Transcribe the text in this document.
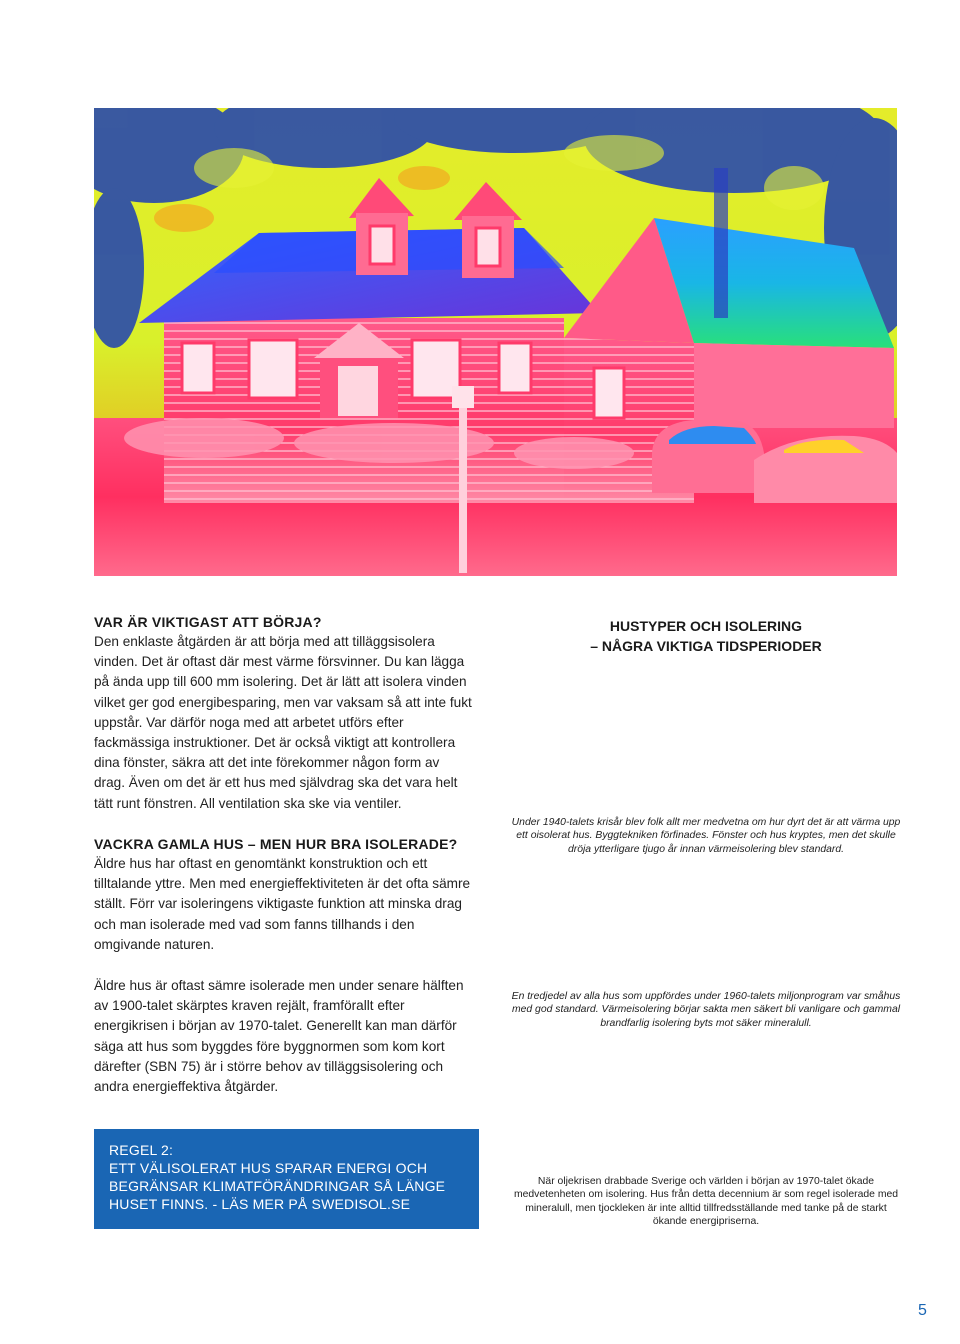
VAR ÄR VIKTIGAST ATT BÖRJA?

Den enklaste åtgärden är att börja med att tilläggsisolera vinden. Det är oftast där mest värme försvinner. Du kan lägga på ända upp till 600 mm isolering. Det är lätt att isolera vinden vilket ger god energibesparing, men var vaksam så att inte fukt uppstår. Var därför noga med att arbetet utförs efter fackmässiga instruktioner. Det är också viktigt att kontrollera dina fönster, säkra att det inte förekommer någon form av drag. Även om det är ett hus med självdrag ska det vara helt tätt runt fönstren. All ventilation ska ske via ventiler.

VACKRA GAMLA HUS – MEN HUR BRA ISOLERADE?

Äldre hus har oftast en genomtänkt konstruktion och ett tilltalande yttre. Men med energieffektiviteten är det ofta sämre ställt. Förr var isoleringens viktigaste funktion att minska drag och man isolerade med vad som fanns tillhands i den omgivande naturen.

Äldre hus är oftast sämre isolerade men under senare hälften av 1900-talet skärptes kraven rejält, framförallt efter energikrisen i början av 1970-talet. Generellt kan man därför säga att hus som byggdes före byggnormen som kom kort därefter (SBN 75) är i större behov av tilläggsisolering och andra energieffektiva åtgärder.

HUSTYPER OCH ISOLERING
– NÅGRA VIKTIGA TIDSPERIODER

Under 1940-talets krisår blev folk allt mer medvetna om hur dyrt det är att värma upp ett oisolerat hus. Byggtekniken förfinades. Fönster och hus kryptes, men det skulle dröja ytterligare tjugo år innan värmeisolering blev standard.

En tredjedel av alla hus som uppfördes under 1960-talets miljonprogram var småhus med god standard. Värmeisolering börjar sakta men säkert bli vanligare och gammal brandfarlig isolering byts mot säker mineralull.

När oljekrisen drabbade Sverige och världen i början av 1970-talet ökade medvetenheten om isolering. Hus från detta decennium är som regel isolerade med mineralull, men tjockleken är inte alltid tillfredsställande med tanke på de starkt ökande energipriserna.

REGEL 2:
ETT VÄLISOLERAT HUS SPARAR ENERGI OCH
BEGRÄNSAR KLIMATFÖRÄNDRINGAR SÅ LÄNGE
HUSET FINNS. - LÄS MER PÅ SWEDISOL.SE
5
